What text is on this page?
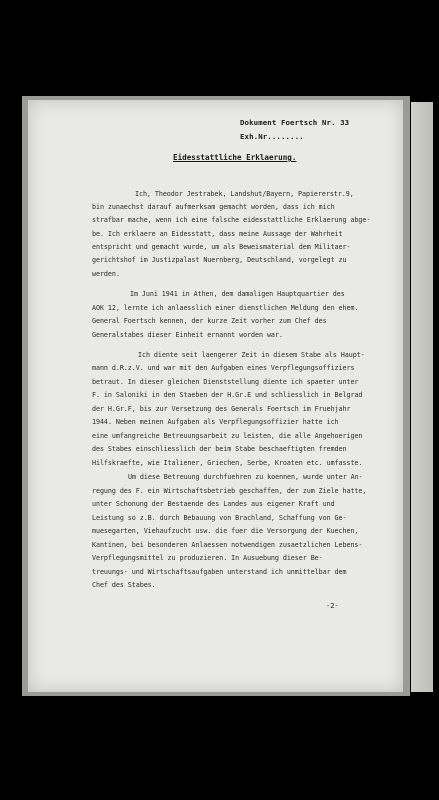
Dokument Foertsch Nr. 33
Exh.Nr........
Eidesstattliche Erklaerung.
Ich, Theodor Jestrabek, Landshut/Bayern, Papiererstr.9,
bin zunaechst darauf aufmerksam gemacht worden, dass ich mich
strafbar mache, wenn ich eine falsche eidesstattliche Erklaerung abge-
be. Ich erklaere an Eidesstatt, dass meine Aussage der Wahrheit
entspricht und gemacht wurde, um als Beweismaterial dem Militaer-
gerichtshof im Justizpalast Nuernberg, Deutschland, vorgelegt zu
werden.
Im Juni 1941 in Athen, dem damaligen Hauptquartier des
AOK 12, lernte ich anlaesslich einer dienstlichen Meldung den ehem.
General Foertsch kennen, der kurze Zeit vorher zum Chef des
Generalstabes dieser Einheit ernannt worden war.
Ich diente seit laengerer Zeit in diesem Stabe als Haupt-
mann d.R.z.V. und war mit den Aufgaben eines Verpflegungsoffiziers
betraut. In dieser gleichen Dienststellung diente ich spaeter unter
F. in Saloniki in den Staeben der H.Gr.E und schliesslich in Belgrad
der H.Gr.F, bis zur Versetzung des Generals Foertsch im Fruehjahr
1944. Neben meinen Aufgaben als Verpflegungsoffizier hatte ich
eine umfangreiche Betreuungsarbeit zu leisten, die alle Angehoerigen
des Stabes einschliesslich der beim Stabe beschaeftigten fremden
Hilfskraefte, wie Italiener, Griechen, Serbe, Kroaten etc. umfasste.
Um diese Betreuung durchfuehren zu koennen, wurde unter An-
regung des F. ein Wirtschaftsbetrieb geschaffen, der zum Ziele hatte,
unter Schonung der Bestaende des Landes aus eigener Kraft und
Leistung so z.B. durch Bebauung von Brachland, Schaffung von Ge-
muesegarten, Viehaufzucht usw. die fuer die Versorgung der Kuechen,
Kantinen, bei besonderen Anlaessen notwendigen zusaetzlichen Lebens-
Verpflegungsmittel zu produzieren. In Ausuebung dieser Be-
treuungs- und Wirtschaftsaufgaben unterstand ich unmittelbar dem
Chef des Stabes.
-2-
